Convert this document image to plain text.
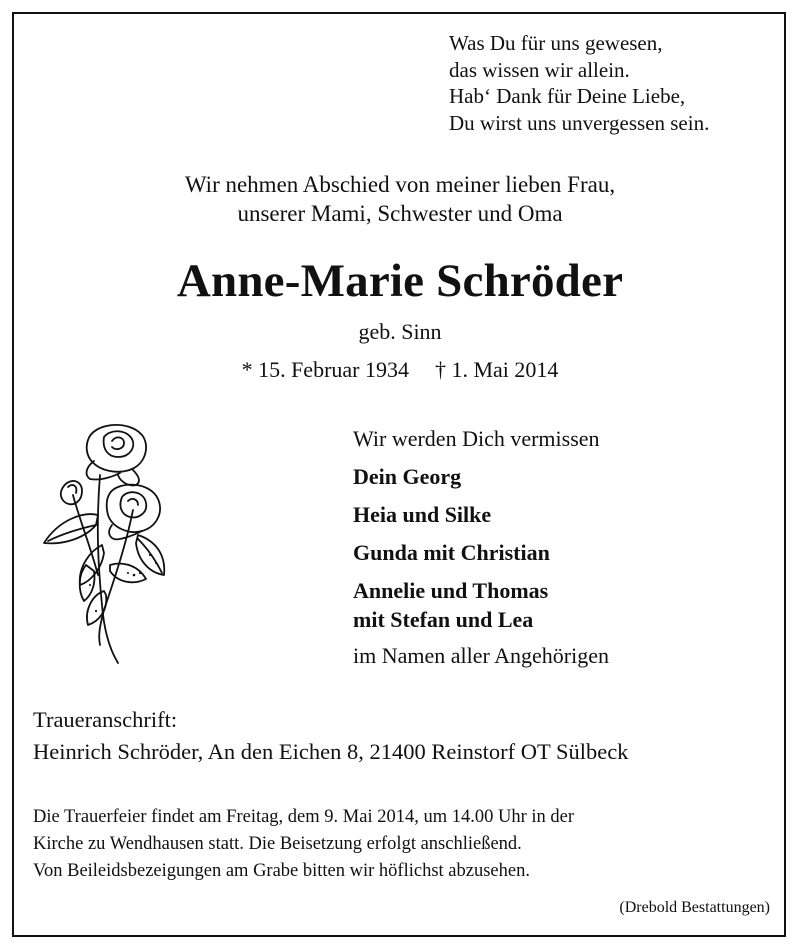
Was Du für uns gewesen,
das wissen wir allein.
Hab‘ Dank für Deine Liebe,
Du wirst uns unvergessen sein.
Wir nehmen Abschied von meiner lieben Frau,
unserer Mami, Schwester und Oma
Anne-Marie Schröder
geb. Sinn
* 15. Februar 1934 † 1. Mai 2014
Wir werden Dich vermissen
Dein Georg
Heia und Silke
Gunda mit Christian
Annelie und Thomas
mit Stefan und Lea
im Namen aller Angehörigen
Traueranschrift:
Heinrich Schröder, An den Eichen 8, 21400 Reinstorf OT Sülbeck
Die Trauerfeier findet am Freitag, dem 9. Mai 2014, um 14.00 Uhr in der
Kirche zu Wendhausen statt. Die Beisetzung erfolgt anschließend.
Von Beileidsbezeigungen am Grabe bitten wir höflichst abzusehen.
(Drebold Bestattungen)
